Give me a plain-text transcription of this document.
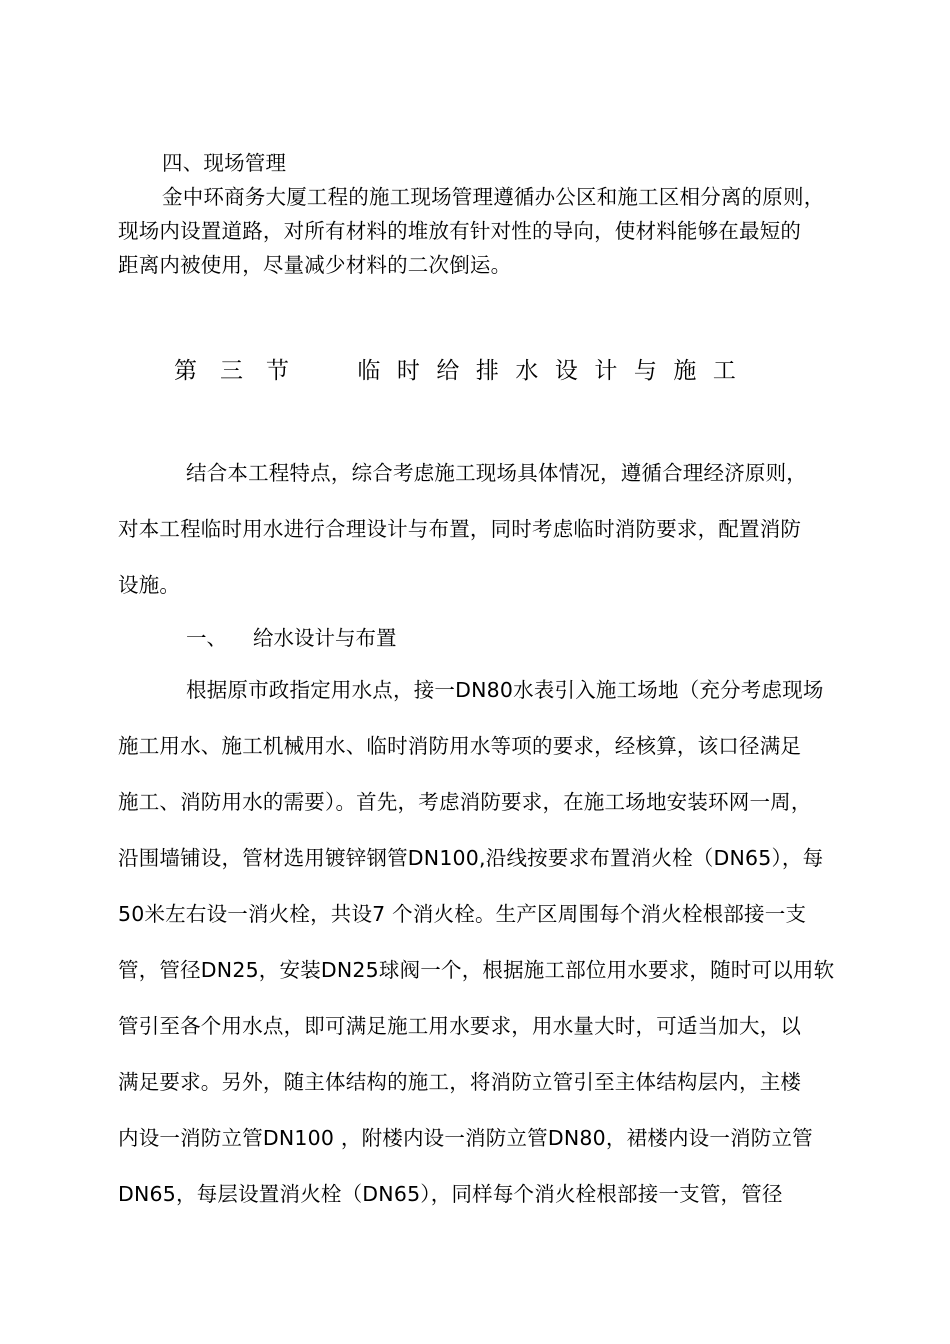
四、现场管理
金中环商务大厦工程的施工现场管理遵循办公区和施工区相分离的原则，
现场内设置道路，对所有材料的堆放有针对性的导向，使材料能够在最短的
距离内被使用，尽量减少材料的二次倒运。
第 三 节	临 时 给 排 水 设 计 与 施 工
结合本工程特点，综合考虑施工现场具体情况，遵循合理经济原则，
对本工程临时用水进行合理设计与布置，同时考虑临时消防要求，配置消防
设施。
一、 给水设计与布置
根据原市政指定用水点，接一DN80水表引入施工场地（充分考虑现场
施工用水、施工机械用水、临时消防用水等项的要求，经核算，该口径满足
施工、消防用水的需要）。首先，考虑消防要求，在施工场地安装环网一周，
沿围墙铺设，管材选用镀锌钢管DN100,沿线按要求布置消火栓（DN65），每
50米左右设一消火栓，共设7 个消火栓。生产区周围每个消火栓根部接一支
管，管径DN25，安装DN25球阀一个，根据施工部位用水要求，随时可以用软
管引至各个用水点，即可满足施工用水要求，用水量大时，可适当加大，以
满足要求。另外，随主体结构的施工，将消防立管引至主体结构层内，主楼
内设一消防立管DN100 ，附楼内设一消防立管DN80，裙楼内设一消防立管
DN65，每层设置消火栓（DN65），同样每个消火栓根部接一支管，管径
